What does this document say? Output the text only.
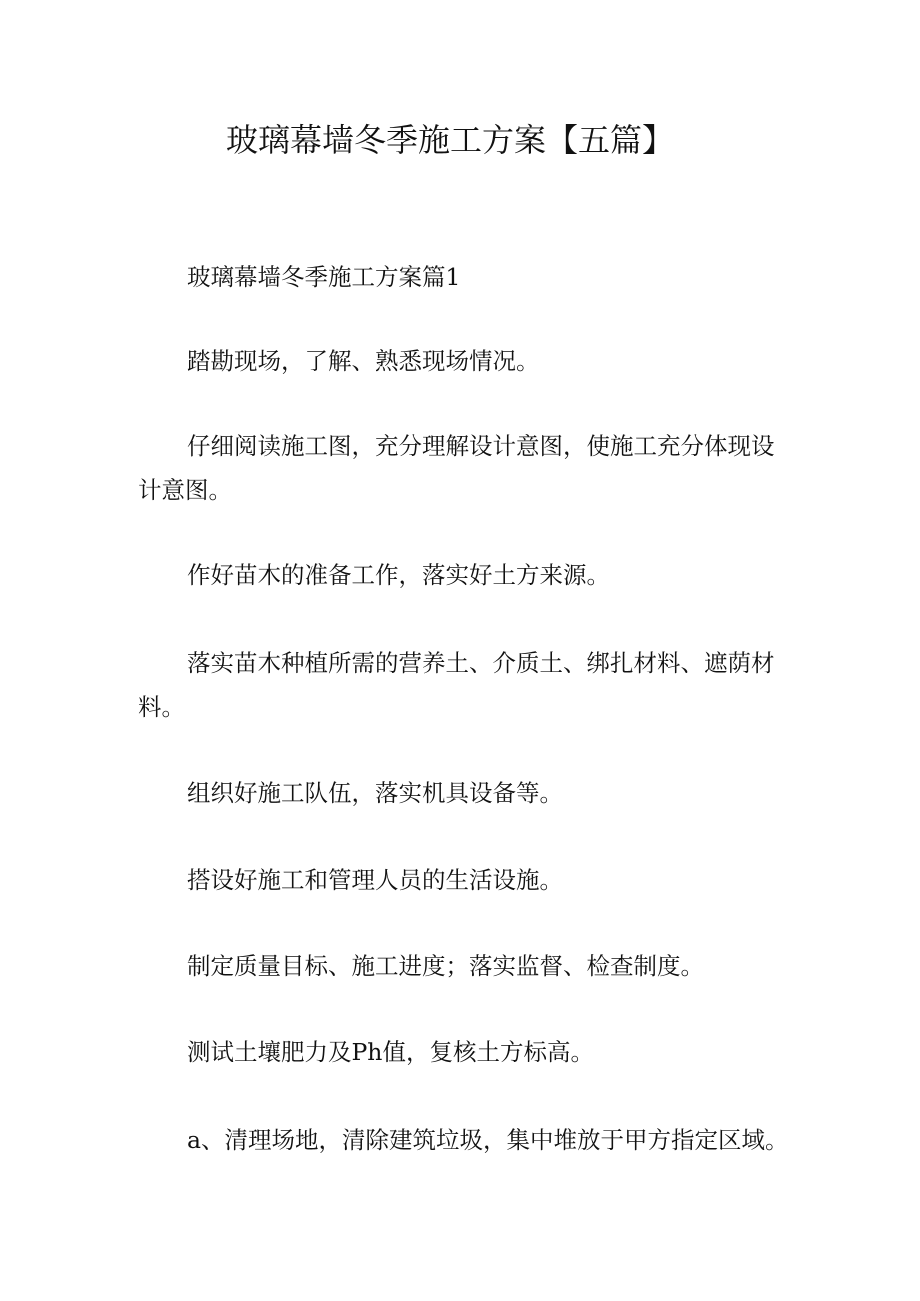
玻璃幕墙冬季施工方案【五篇】

玻璃幕墙冬季施工方案篇1

踏勘现场，了解、熟悉现场情况。

仔细阅读施工图，充分理解设计意图，使施工充分体现设计意图。

作好苗木的准备工作，落实好土方来源。

落实苗木种植所需的营养土、介质土、绑扎材料、遮荫材料。

组织好施工队伍，落实机具设备等。

搭设好施工和管理人员的生活设施。

制定质量目标、施工进度；落实监督、检查制度。

测试土壤肥力及Ph值，复核土方标高。

a、清理场地，清除建筑垃圾，集中堆放于甲方指定区域。
